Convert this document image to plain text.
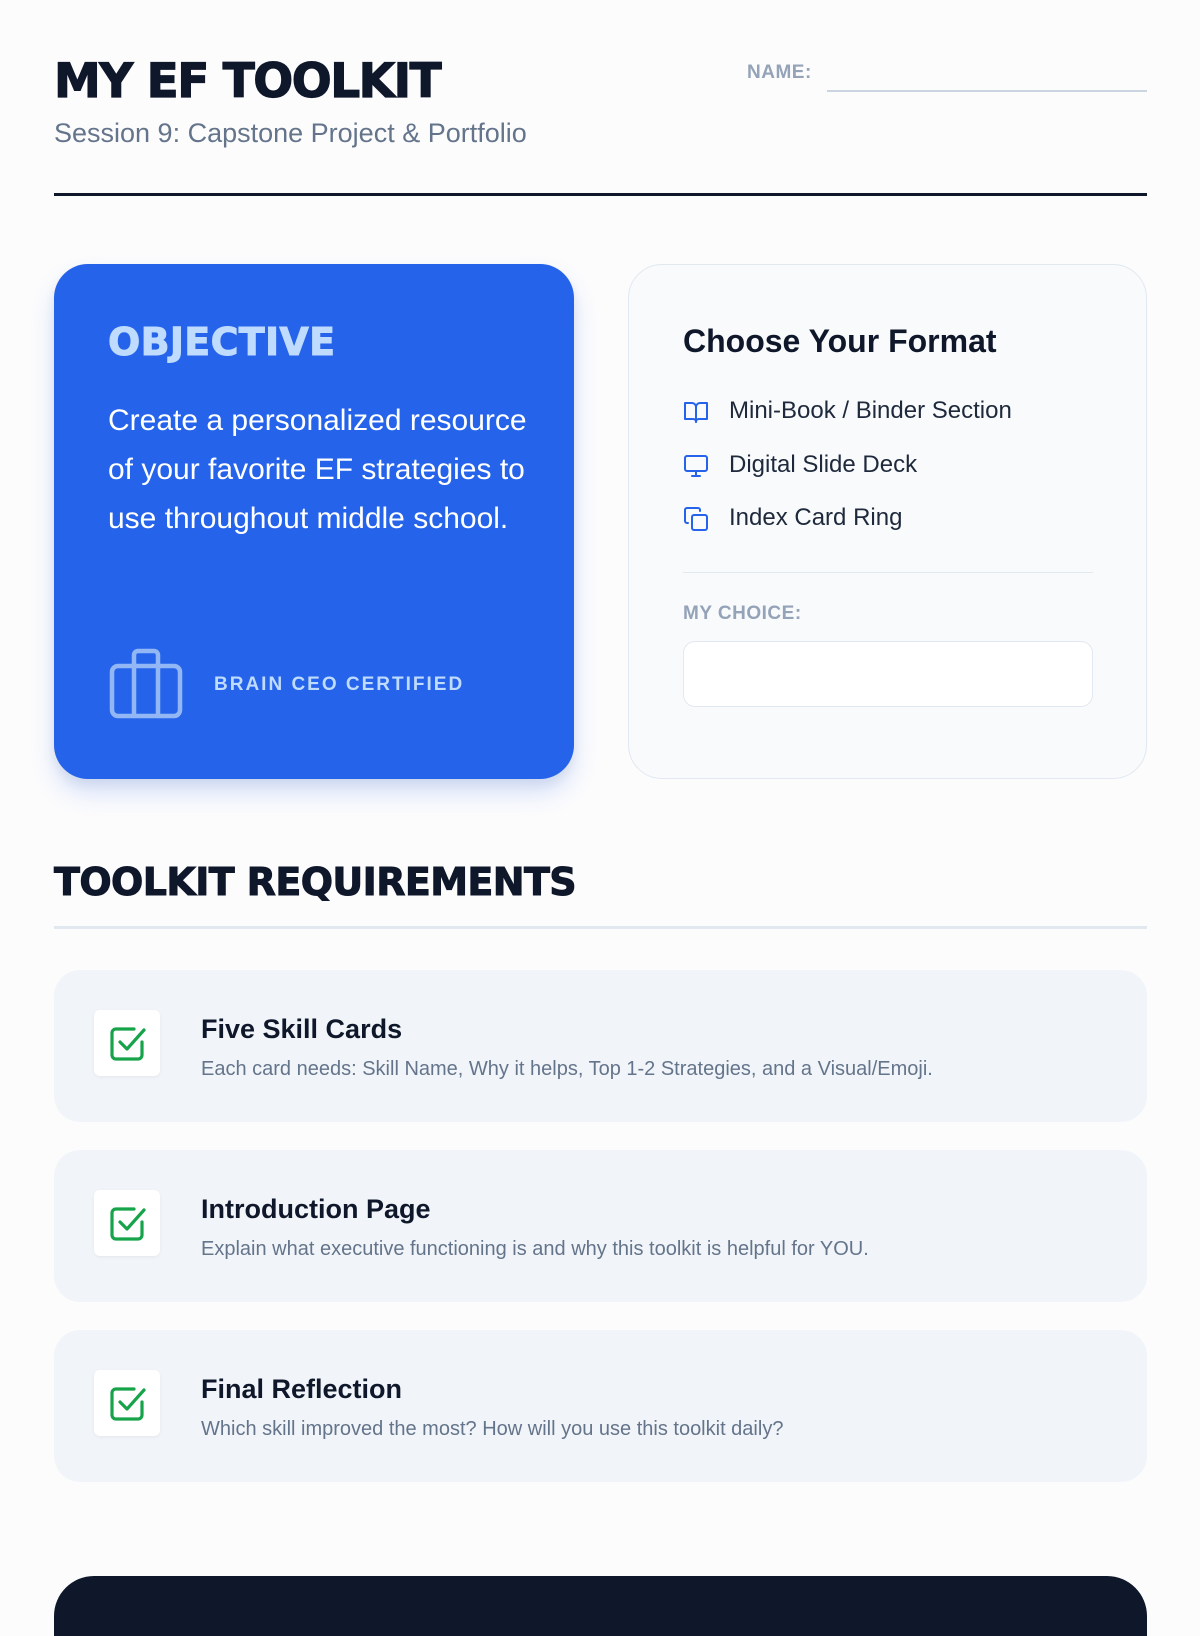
MY EF TOOLKIT
Session 9: Capstone Project & Portfolio
NAME:
OBJECTIVE

Create a personalized resource of your favorite EF strategies to use throughout middle school.

BRAIN CEO CERTIFIED
Choose Your Format
Mini-Book / Binder Section
Digital Slide Deck
Index Card Ring
MY CHOICE:
TOOLKIT REQUIREMENTS
Five Skill Cards
Each card needs: Skill Name, Why it helps, Top 1-2 Strategies, and a Visual/Emoji.
Introduction Page
Explain what executive functioning is and why this toolkit is helpful for YOU.
Final Reflection
Which skill improved the most? How will you use this toolkit daily?
